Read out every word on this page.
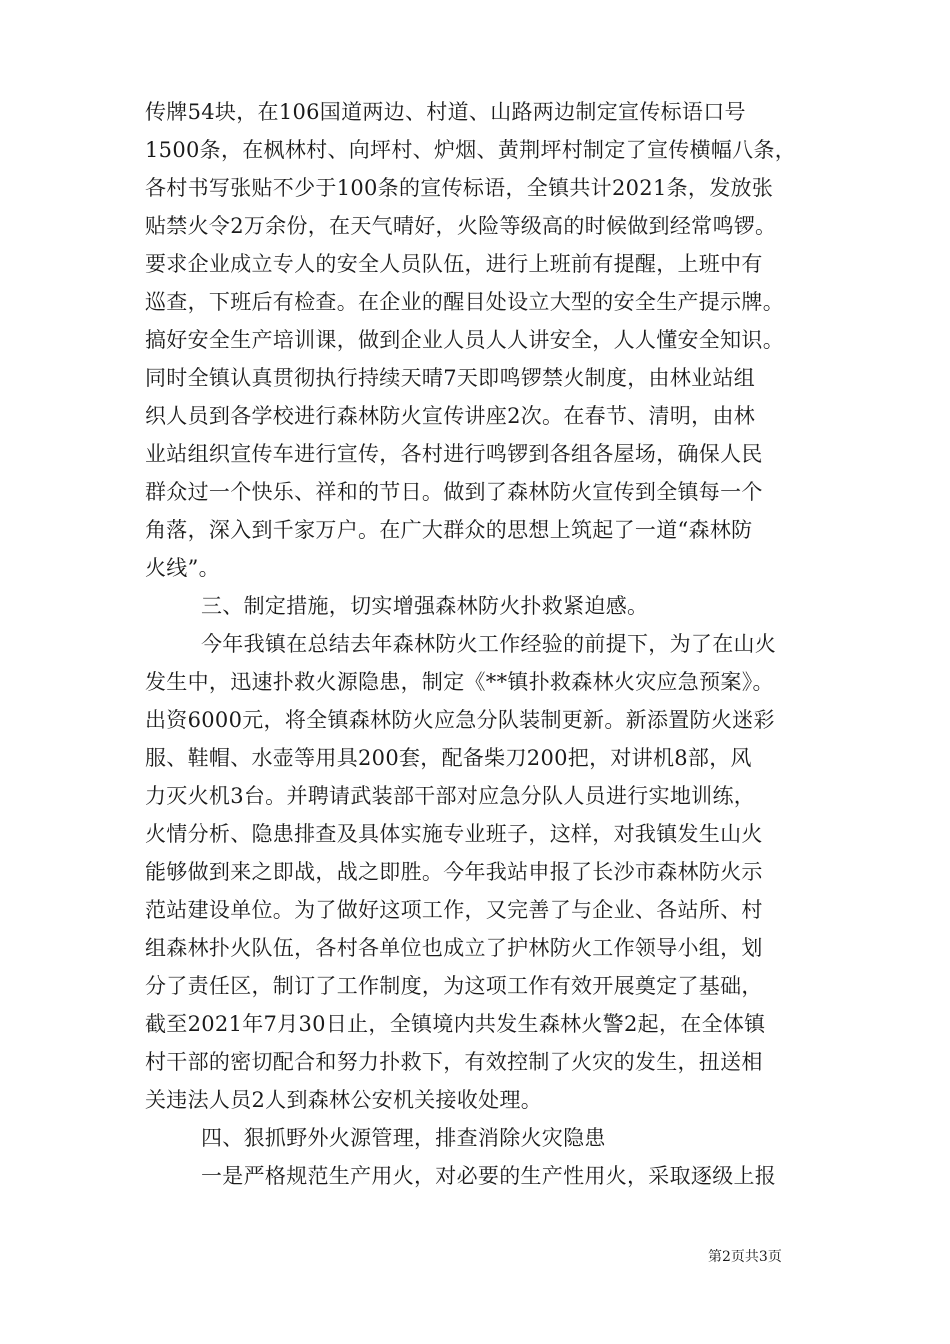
传牌54块，在106国道两边、村道、山路两边制定宣传标语口号
1500条，在枫林村、向坪村、炉烟、黄荆坪村制定了宣传横幅八条，
各村书写张贴不少于100条的宣传标语，全镇共计2021条，发放张
贴禁火令2万余份，在天气晴好，火险等级高的时候做到经常鸣锣。
要求企业成立专人的安全人员队伍，进行上班前有提醒，上班中有
巡查，下班后有检查。在企业的醒目处设立大型的安全生产提示牌。
搞好安全生产培训课，做到企业人员人人讲安全，人人懂安全知识。
同时全镇认真贯彻执行持续天晴7天即鸣锣禁火制度，由林业站组
织人员到各学校进行森林防火宣传讲座2次。在春节、清明，由林
业站组织宣传车进行宣传，各村进行鸣锣到各组各屋场，确保人民
群众过一个快乐、祥和的节日。做到了森林防火宣传到全镇每一个
角落，深入到千家万户。在广大群众的思想上筑起了一道“森林防
火线”。
三、制定措施，切实增强森林防火扑救紧迫感。
今年我镇在总结去年森林防火工作经验的前提下，为了在山火
发生中，迅速扑救火源隐患，制定《**镇扑救森林火灾应急预案》。
出资6000元，将全镇森林防火应急分队装制更新。新添置防火迷彩
服、鞋帽、水壶等用具200套，配备柴刀200把，对讲机8部，风
力灭火机3台。并聘请武装部干部对应急分队人员进行实地训练，
火情分析、隐患排查及具体实施专业班子，这样，对我镇发生山火
能够做到来之即战，战之即胜。今年我站申报了长沙市森林防火示
范站建设单位。为了做好这项工作，又完善了与企业、各站所、村
组森林扑火队伍，各村各单位也成立了护林防火工作领导小组，划
分了责任区，制订了工作制度，为这项工作有效开展奠定了基础，
截至2021年7月30日止，全镇境内共发生森林火警2起，在全体镇
村干部的密切配合和努力扑救下，有效控制了火灾的发生，扭送相
关违法人员2人到森林公安机关接收处理。
四、狠抓野外火源管理，排查消除火灾隐患
一是严格规范生产用火，对必要的生产性用火，采取逐级上报
第2页共3页
